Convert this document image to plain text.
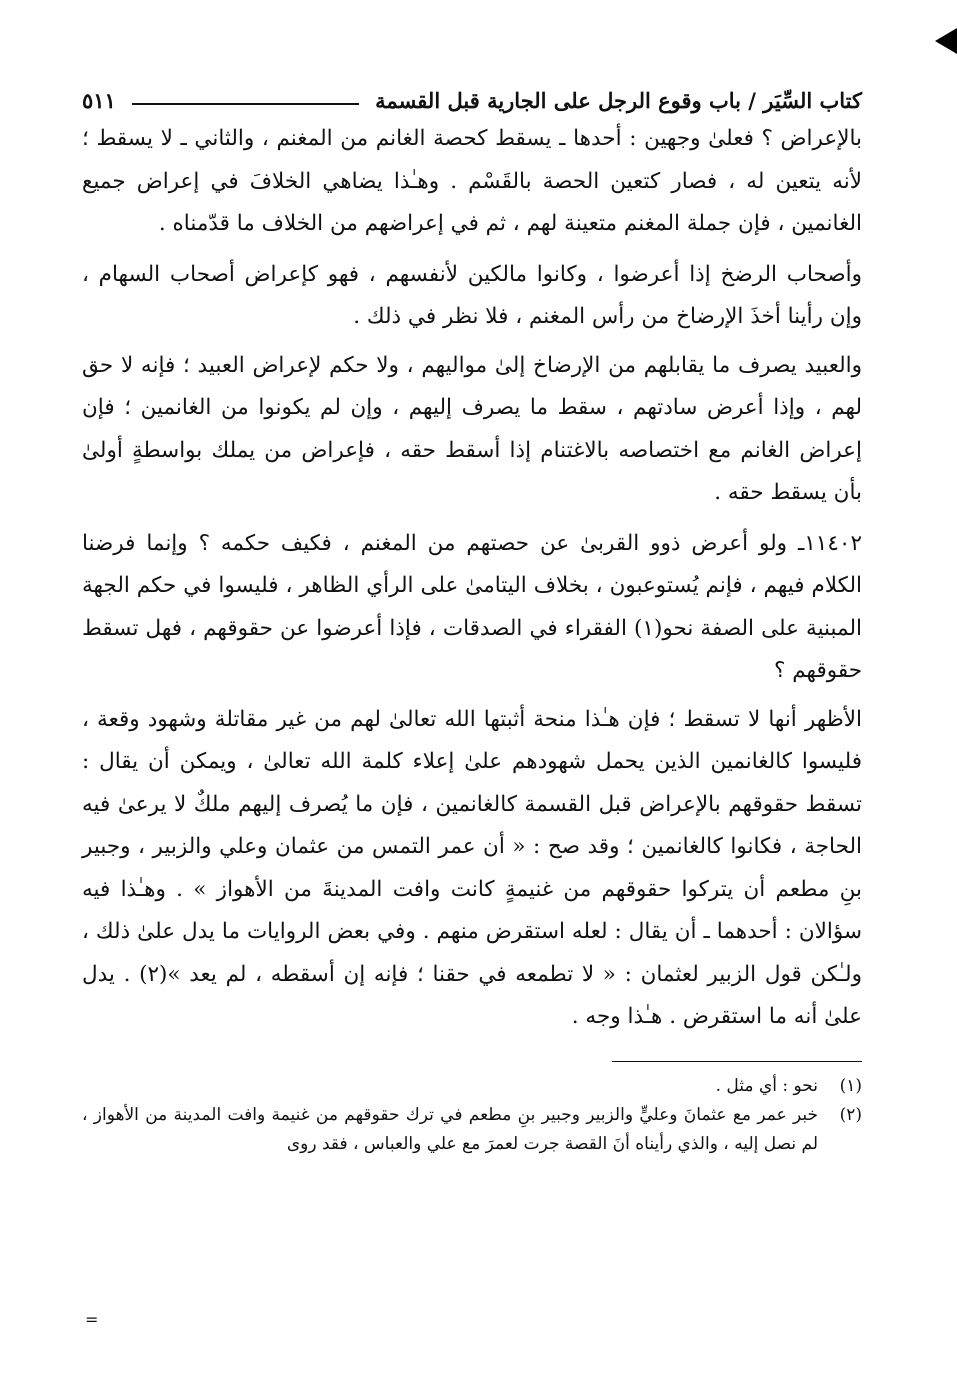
كتاب السِّيَر / باب وقوع الرجل على الجارية قبل القسمة
٥١١

بالإعراض ؟ فعلىٰ وجهين : أحدها ـ يسقط كحصة الغانم من المغنم ، والثاني ـ لا يسقط ؛ لأنه يتعين له ، فصار كتعين الحصة بالقَسْم . وهـٰذا يضاهي الخلافَ في إعراض جميع الغانمين ، فإن جملة المغنم متعينة لهم ، ثم في إعراضهم من الخلاف ما قدّمناه .

وأصحاب الرضخ إذا أعرضوا ، وكانوا مالكين لأنفسهم ، فهو كإعراض أصحاب السهام ، وإن رأينا أخذَ الإرضاخ من رأس المغنم ، فلا نظر في ذلك .

والعبيد يصرف ما يقابلهم من الإرضاخ إلىٰ مواليهم ، ولا حكم لإعراض العبيد ؛ فإنه لا حق لهم ، وإذا أعرض سادتهم ، سقط ما يصرف إليهم ، وإن لم يكونوا من الغانمين ؛ فإن إعراض الغانم مع اختصاصه بالاغتنام إذا أسقط حقه ، فإعراض من يملك بواسطةٍ أولىٰ بأن يسقط حقه .

١١٤٠٢ـ ولو أعرض ذوو القربىٰ عن حصتهم من المغنم ، فكيف حكمه ؟ وإنما فرضنا الكلام فيهم ، فإنم يُستوعبون ، بخلاف اليتامىٰ على الرأي الظاهر ، فليسوا في حكم الجهة المبنية على الصفة نحو(١) الفقراء في الصدقات ، فإذا أعرضوا عن حقوقهم ، فهل تسقط حقوقهم ؟

الأظهر أنها لا تسقط ؛ فإن هـٰذا منحة أثبتها الله تعالىٰ لهم من غير مقاتلة وشهود وقعة ، فليسوا كالغانمين الذين يحمل شهودهم علىٰ إعلاء كلمة الله تعالىٰ ، ويمكن أن يقال : تسقط حقوقهم بالإعراض قبل القسمة كالغانمين ، فإن ما يُصرف إليهم ملكٌ لا يرعىٰ فيه الحاجة ، فكانوا كالغانمين ؛ وقد صح : « أن عمر التمس من عثمان وعلي والزبير ، وجبير بنِ مطعم أن يتركوا حقوقهم من غنيمةٍ كانت وافت المدينةَ من الأهواز » . وهـٰذا فيه سؤالان : أحدهما ـ أن يقال : لعله استقرض منهم . وفي بعض الروايات ما يدل علىٰ ذلك ، ولـٰكن قول الزبير لعثمان : « لا تطمعه في حقنا ؛ فإنه إن أسقطه ، لم يعد »(٢) . يدل علىٰ أنه ما استقرض . هـٰذا وجه .

(١)
نحو : أي مثل .
(٢)
خبر عمر مع عثمانَ وعليٍّ والزبير وجبير بنِ مطعم في ترك حقوقهم من غنيمة وافت المدينة من الأهواز ، لم نصل إليه ، والذي رأيناه أنَ القصة جرت لعمرَ مع علي والعباس ، فقد روى
=
